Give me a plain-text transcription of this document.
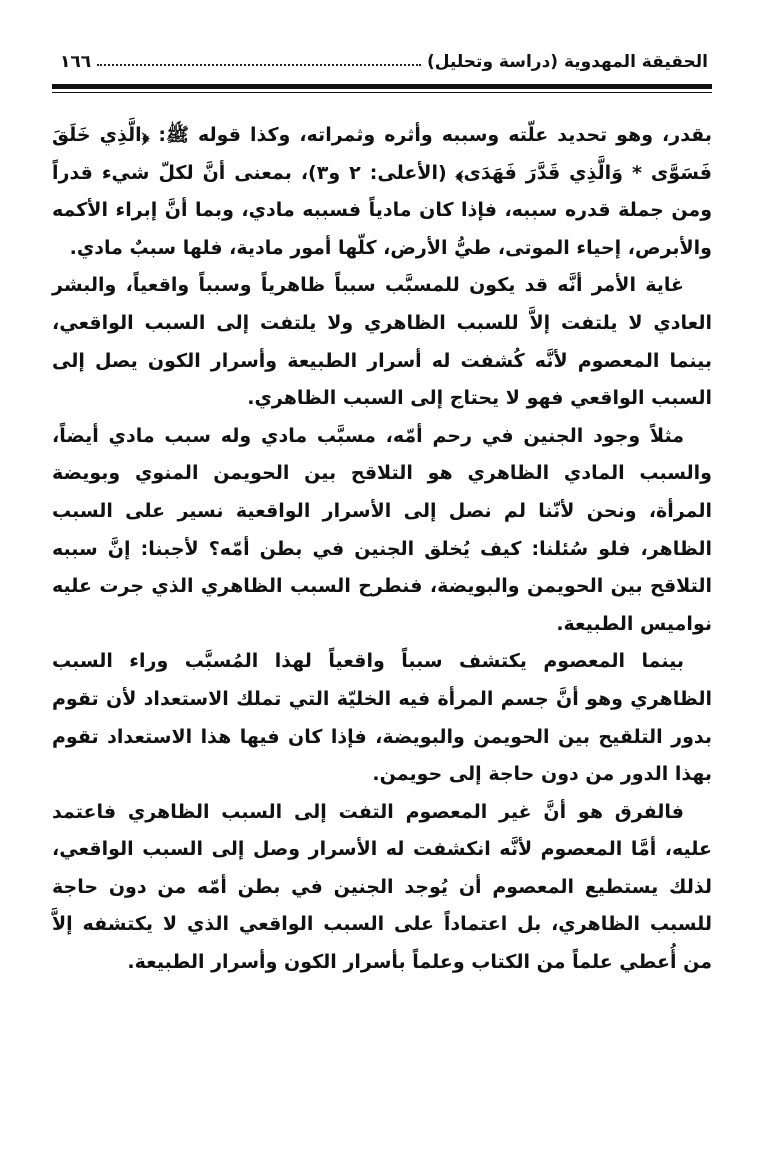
الحقيقة المهدوية (دراسة وتحليل)
١٦٦

بقدر، وهو تحديد علّته وسببه وأثره وثمراته، وكذا قوله ﷺ: ﴿الَّذِي خَلَقَ فَسَوَّى * وَالَّذِي قَدَّرَ فَهَدَى﴾ (الأعلى: ٢ و٣)، بمعنى أنَّ لكلّ شيء قدراً ومن جملة قدره سببه، فإذا كان مادياً فسببه مادي، وبما أنَّ إبراء الأكمه والأبرص، إحياء الموتى، طيُّ الأرض، كلّها أمور مادية، فلها سببٌ مادي.

غاية الأمر أنَّه قد يكون للمسبَّب سبباً ظاهرياً وسبباً واقعياً، والبشر العادي لا يلتفت إلاَّ للسبب الظاهري ولا يلتفت إلى السبب الواقعي، بينما المعصوم لأنَّه كُشفت له أسرار الطبيعة وأسرار الكون يصل إلى السبب الواقعي فهو لا يحتاج إلى السبب الظاهري.

مثلاً وجود الجنين في رحم أمّه، مسبَّب مادي وله سبب مادي أيضاً، والسبب المادي الظاهري هو التلاقح بين الحويمن المنوي وبويضة المرأة، ونحن لأنّنا لم نصل إلى الأسرار الواقعية نسير على السبب الظاهر، فلو سُئلنا: كيف يُخلق الجنين في بطن أمّه؟ لأجبنا: إنَّ سببه التلاقح بين الحويمن والبويضة، فنطرح السبب الظاهري الذي جرت عليه نواميس الطبيعة.

بينما المعصوم يكتشف سبباً واقعياً لهذا المُسبَّب وراء السبب الظاهري وهو أنَّ جسم المرأة فيه الخليّة التي تملك الاستعداد لأن تقوم بدور التلقيح بين الحويمن والبويضة، فإذا كان فيها هذا الاستعداد تقوم بهذا الدور من دون حاجة إلى حويمن.

فالفرق هو أنَّ غير المعصوم التفت إلى السبب الظاهري فاعتمد عليه، أمَّا المعصوم لأنَّه انكشفت له الأسرار وصل إلى السبب الواقعي، لذلك يستطيع المعصوم أن يُوجد الجنين في بطن أمّه من دون حاجة للسبب الظاهري، بل اعتماداً على السبب الواقعي الذي لا يكتشفه إلاَّ من أُعطي علماً من الكتاب وعلماً بأسرار الكون وأسرار الطبيعة.
